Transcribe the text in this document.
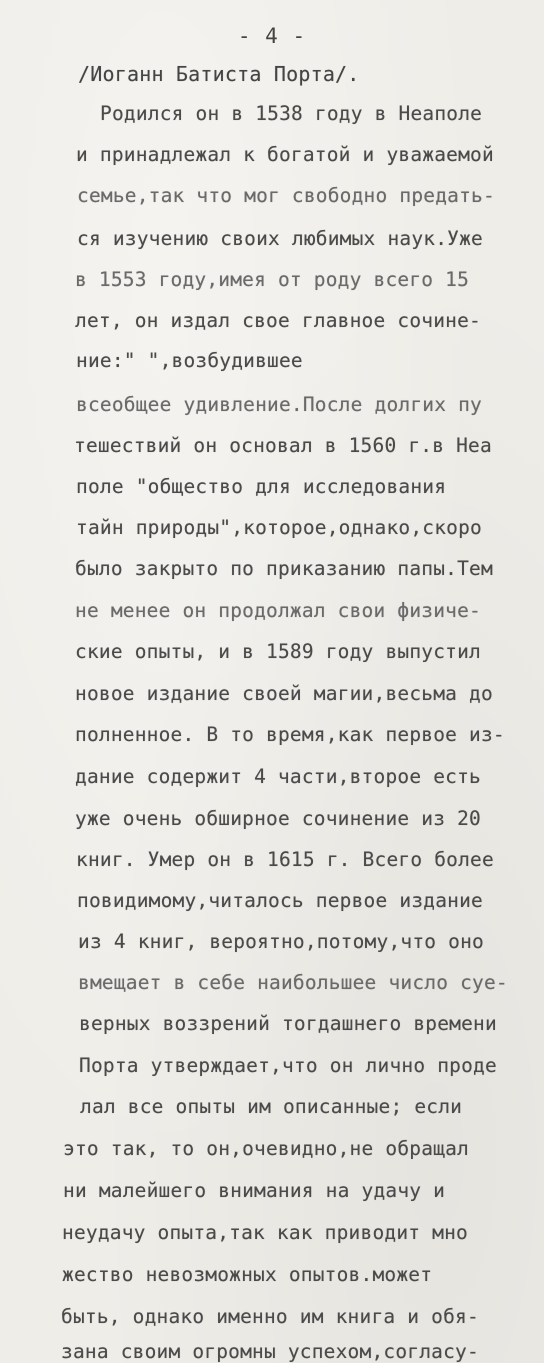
- 4 -
/Иоганн Батиста Порта/.
Родился он в 1538 году в Неаполе
и принадлежал к богатой и уважаемой
семье,так что мог свободно предать-
ся изучению своих любимых наук.Уже
в 1553 году,имея от роду всего 15
лет, он издал свое главное сочине-
ние:" ",возбудившее
всеобщее удивление.После долгих пу
тешествий он основал в 1560 г.в Неа
поле "общество для исследования
тайн природы",которое,однако,скоро
было закрыто по приказанию папы.Тем
не менее он продолжал свои физиче-
ские опыты, и в 1589 году выпустил
новое издание своей магии,весьма до
полненное. В то время,как первое из-
дание содержит 4 части,второе есть
уже очень обширное сочинение из 20
книг. Умер он в 1615 г. Всего более
повидимому,читалось первое издание
из 4 книг, вероятно,потому,что оно
вмещает в себе наибольшее число суе-
верных воззрений тогдашнего времени
Порта утверждает,что он лично проде
лал все опыты им описанные; если
это так, то он,очевидно,не обращал
ни малейшего внимания на удачу и
неудачу опыта,так как приводит мно
жество невозможных опытов.может
быть, однако именно им книга и обя-
зана своим огромны успехом,согласу-
